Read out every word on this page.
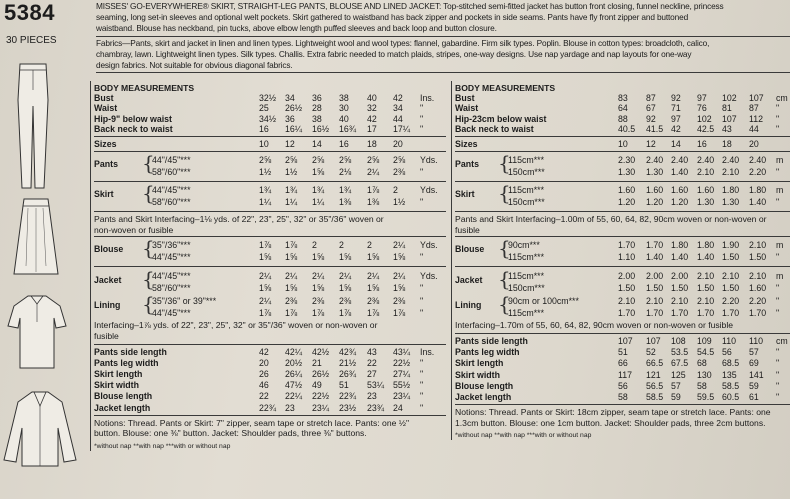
5384
30 PIECES
MISSES' GO-EVERYWHERE® SKIRT, STRAIGHT-LEG PANTS, BLOUSE AND LINED JACKET: Top-stitched semi-fitted jacket has button front closing, funnel neckline, princess
seaming, long set-in sleeves and optional welt pockets. Skirt gathered to waistband has back zipper and pockets in side seams. Pants have fly front zipper and buttoned
waistband. Blouse has neckband, pin tucks, above elbow length puffed sleeves and back loop and button closure.
Fabrics—Pants, skirt and jacket in linen and linen types. Lightweight wool and wool types: flannel, gabardine. Firm silk types. Poplin. Blouse in cotton types: broadcloth, calico,
chambray, lawn. Lightweight linen types. Silk types. Challis. Extra fabric needed to match plaids, stripes, one-way designs. Use nap yardage and nap layouts for one-way
design fabrics. Not suitable for obvious diagonal fabrics.
BODY MEASUREMENTS
Bust	32½ 34 36 38 40 42 Ins.
Waist	25 26½ 28 30 32 34 "
Hip-9" below waist	34½ 36 38 40 42 44 "
Back neck to waist	16 16¼ 16½ 16¾ 17 17¼ "
Sizes	10 12 14 16 18 20
Pants {
44"/45"***	2⅝ 2⅝ 2⅝ 2⅝ 2⅝ 2⅝ Yds.
58"/60"***	1½ 1½ 1⅝ 2⅛ 2¼ 2⅜ "
Skirt {
44"/45"***	1¾ 1¾ 1¾ 1¾ 1⅞ 2	Yds.
58"/60"***	1¼ 1¼ 1¼ 1⅜ 1⅜ 1½ "
Pants and Skirt Interfacing–1⅛ yds. of 22", 23", 25", 32" or 35"/36" woven or
non-woven or fusible
Blouse {
35"/36"***	1⅞ 1⅞ 2	2	2 2¼ Yds.
44"/45"***	1⅝ 1⅝ 1⅝ 1⅝ 1⅝ 1⅝ "
Jacket {
44"/45"***	2¼ 2¼ 2¼ 2¼ 2¼ 2¼ Yds.
58"/60"***	1⅝ 1⅝ 1⅝ 1⅝ 1⅝ 1⅝ "
Lining {
35"/36" or 39"***	2¼ 2⅜ 2⅜ 2⅜ 2⅜ 2⅜ "
44"/45"***	1⅞ 1⅞ 1⅞ 1⅞ 1⅞ 1⅞ "
Interfacing–1⅞ yds. of 22", 23", 25", 32" or 35"/36" woven or non-woven or
fusible
Pants side length	42 42¼ 42½ 42¾ 43 43¼ Ins.
Pants leg width	20 20½ 21 21½ 22 22½ "
Skirt length	26 26¼ 26½ 26¾ 27 27¼ "
Skirt width	46 47½ 49 51 53¼ 55½ "
Blouse length	22 22¼ 22½ 22¾ 23 23¼ "
Jacket length	22¾ 23 23¼ 23½ 23¾ 24 "
Notions: Thread. Pants or Skirt: 7" zipper, seam tape or stretch lace. Pants: one ½"
button. Blouse: one ⅜" button. Jacket: Shoulder pads, three ⅜" buttons.
*without nap **with nap ***with or without nap
BODY MEASUREMENTS
Bust	83 87 92 97 102 107 cm
Waist	64 67 71 76 81 87 "
Hip-23cm below waist	88 92 97 102 107 112 "
Back neck to waist	40.5 41.5 42 42.5 43 44 "
Sizes	10 12 14 16 18 20
Pants {
115cm***	2.30 2.40 2.40 2.40 2.40 2.40 m
150cm***	1.30 1.30 1.40 2.10 2.10 2.20 "
Skirt {
115cm***	1.60 1.60 1.60 1.60 1.80 1.80 m
150cm***	1.20 1.20 1.20 1.30 1.30 1.40 "
Pants and Skirt Interfacing–1.00m of 55, 60, 64, 82, 90cm woven or non-woven or
fusible
Blouse {
90cm***	1.70 1.70 1.80 1.80 1.90 2.10 m
115cm***	1.10 1.40 1.40 1.40 1.50 1.50 "
Jacket {
115cm***	2.00 2.00 2.00 2.10 2.10 2.10 m
150cm***	1.50 1.50 1.50 1.50 1.50 1.60 "
Lining {
90cm or 100cm***	2.10 2.10 2.10 2.10 2.20 2.20 "
115cm***	1.70 1.70 1.70 1.70 1.70 1.70 "
Interfacing–1.70m of 55, 60, 64, 82, 90cm woven or non-woven or fusible
Pants side length	107 107 108 109 110 110 cm
Pants leg width	51 52 53.5 54.5 56 57 "
Skirt length	66 66.5 67.5 68 68.5 69 "
Skirt width	117 121 125 130 135 141 "
Blouse length	56 56.5 57 58 58.5 59 "
Jacket length	58 58.5 59 59.5 60.5 61 "
Notions: Thread. Pants or Skirt: 18cm zipper, seam tape or stretch lace. Pants: one
1.3cm button. Blouse: one 1cm button. Jacket: Shoulder pads, three 2cm buttons.
*without nap **with nap ***with or without nap
